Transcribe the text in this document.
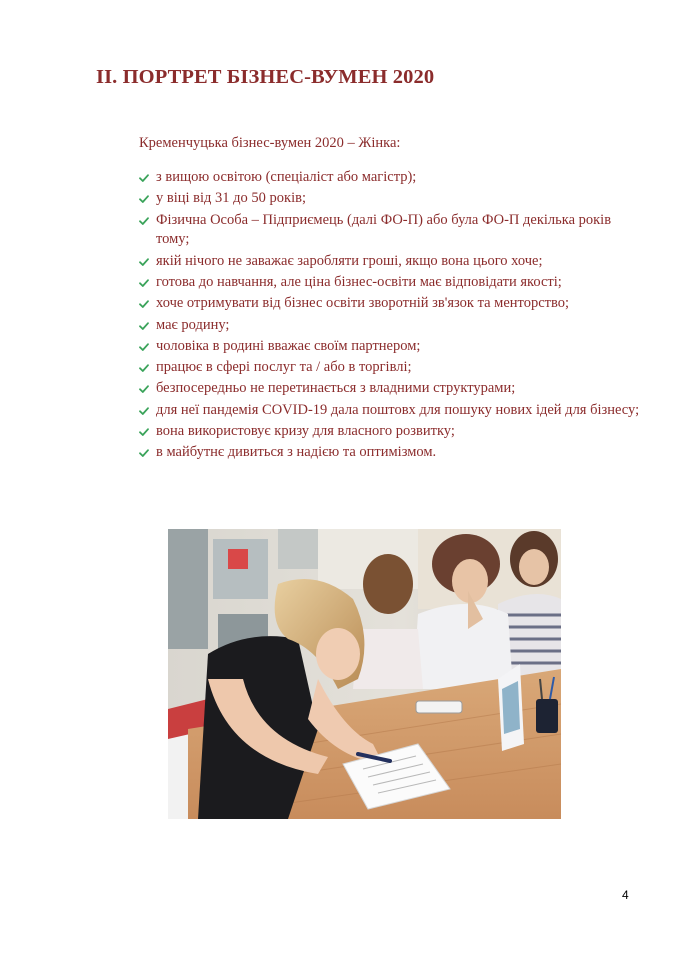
ІІ. ПОРТРЕТ БІЗНЕС-ВУМЕН 2020
Кременчуцька бізнес-вумен 2020 – Жінка:
з вищою освітою (спеціаліст або магістр);
у віці від 31 до 50 років;
Фізична Особа – Підприємець (далі ФО-П) або була ФО-П декілька років тому;
якій нічого не заважає заробляти гроші, якщо вона цього хоче;
готова до навчання, але ціна бізнес-освіти має відповідати якості;
хоче отримувати від бізнес освіти зворотній зв'язок та менторство;
має родину;
чоловіка в родині вважає своїм партнером;
працює в сфері послуг та / або в торгівлі;
безпосередньо не перетинається з владними структурами;
для неї пандемія COVID-19 дала поштовх для пошуку нових ідей для бізнесу;
вона використовує кризу для власного розвитку;
в майбутнє дивиться з надією та оптимізмом.
4
